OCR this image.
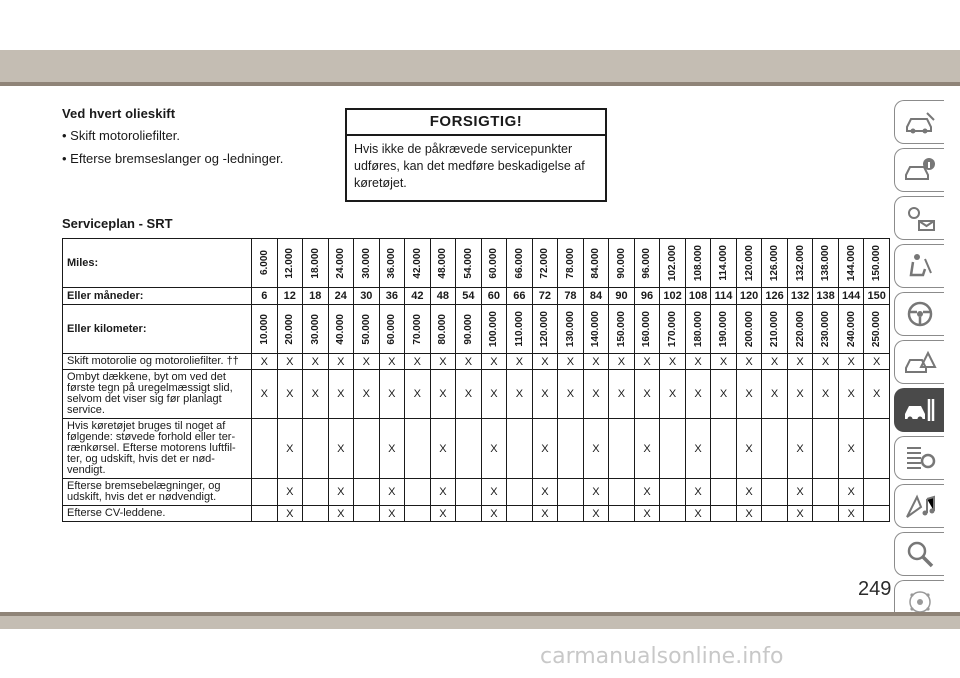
Ved hvert olieskift
• Skift motoroliefilter.
• Efterse bremseslanger og -ledninger.
FORSIGTIG!
Hvis ikke de påkrævede servicepunkter udføres, kan det medføre beskadigelse af køretøjet.
Serviceplan - SRT
Miles:	6.000	12.000	18.000	24.000	30.000	36.000	42.000	48.000	54.000	60.000	66.000	72.000	78.000	84.000	90.000	96.000	102.000	108.000	114.000	120.000	126.000	132.000	138.000	144.000	150.000

Eller måneder:	6	12	18	24	30	36	42	48	54	60	66	72	78	84	90	96	102	108	114	120	126	132	138	144	150
Eller kilometer:	10.000	20.000	30.000	40.000	50.000	60.000	70.000	80.000	90.000	100.000	110.000	120.000	130.000	140.000	150.000	160.000	170.000	180.000	190.000	200.000	210.000	220.000	230.000	240.000	250.000

Skift motorolie og motoroliefilter. ††	X	X	X	X	X	X	X	X	X	X	X	X	X	X	X	X	X	X	X	X	X	X	X	X	X
Ombyt dækkene, byt om ved det første tegn på uregelmæssigt slid, selvom det viser sig før planlagt service.	X	X	X	X	X	X	X	X	X	X	X	X	X	X	X	X	X	X	X	X	X	X	X	X	X
Hvis køretøjet bruges til noget af følgende: støvede forhold eller ter-rænkørsel. Efterse motorens luftfil-ter, og udskift, hvis det er nød-vendigt.		X		X		X		X		X		X		X		X		X		X		X		X	
Efterse bremsebelægninger, og udskift, hvis det er nødvendigt.		X		X		X		X		X		X		X		X		X		X		X		X	
Efterse CV-leddene.		X		X		X		X		X		X		X		X		X		X		X		X	
249
carmanualsonline.info
